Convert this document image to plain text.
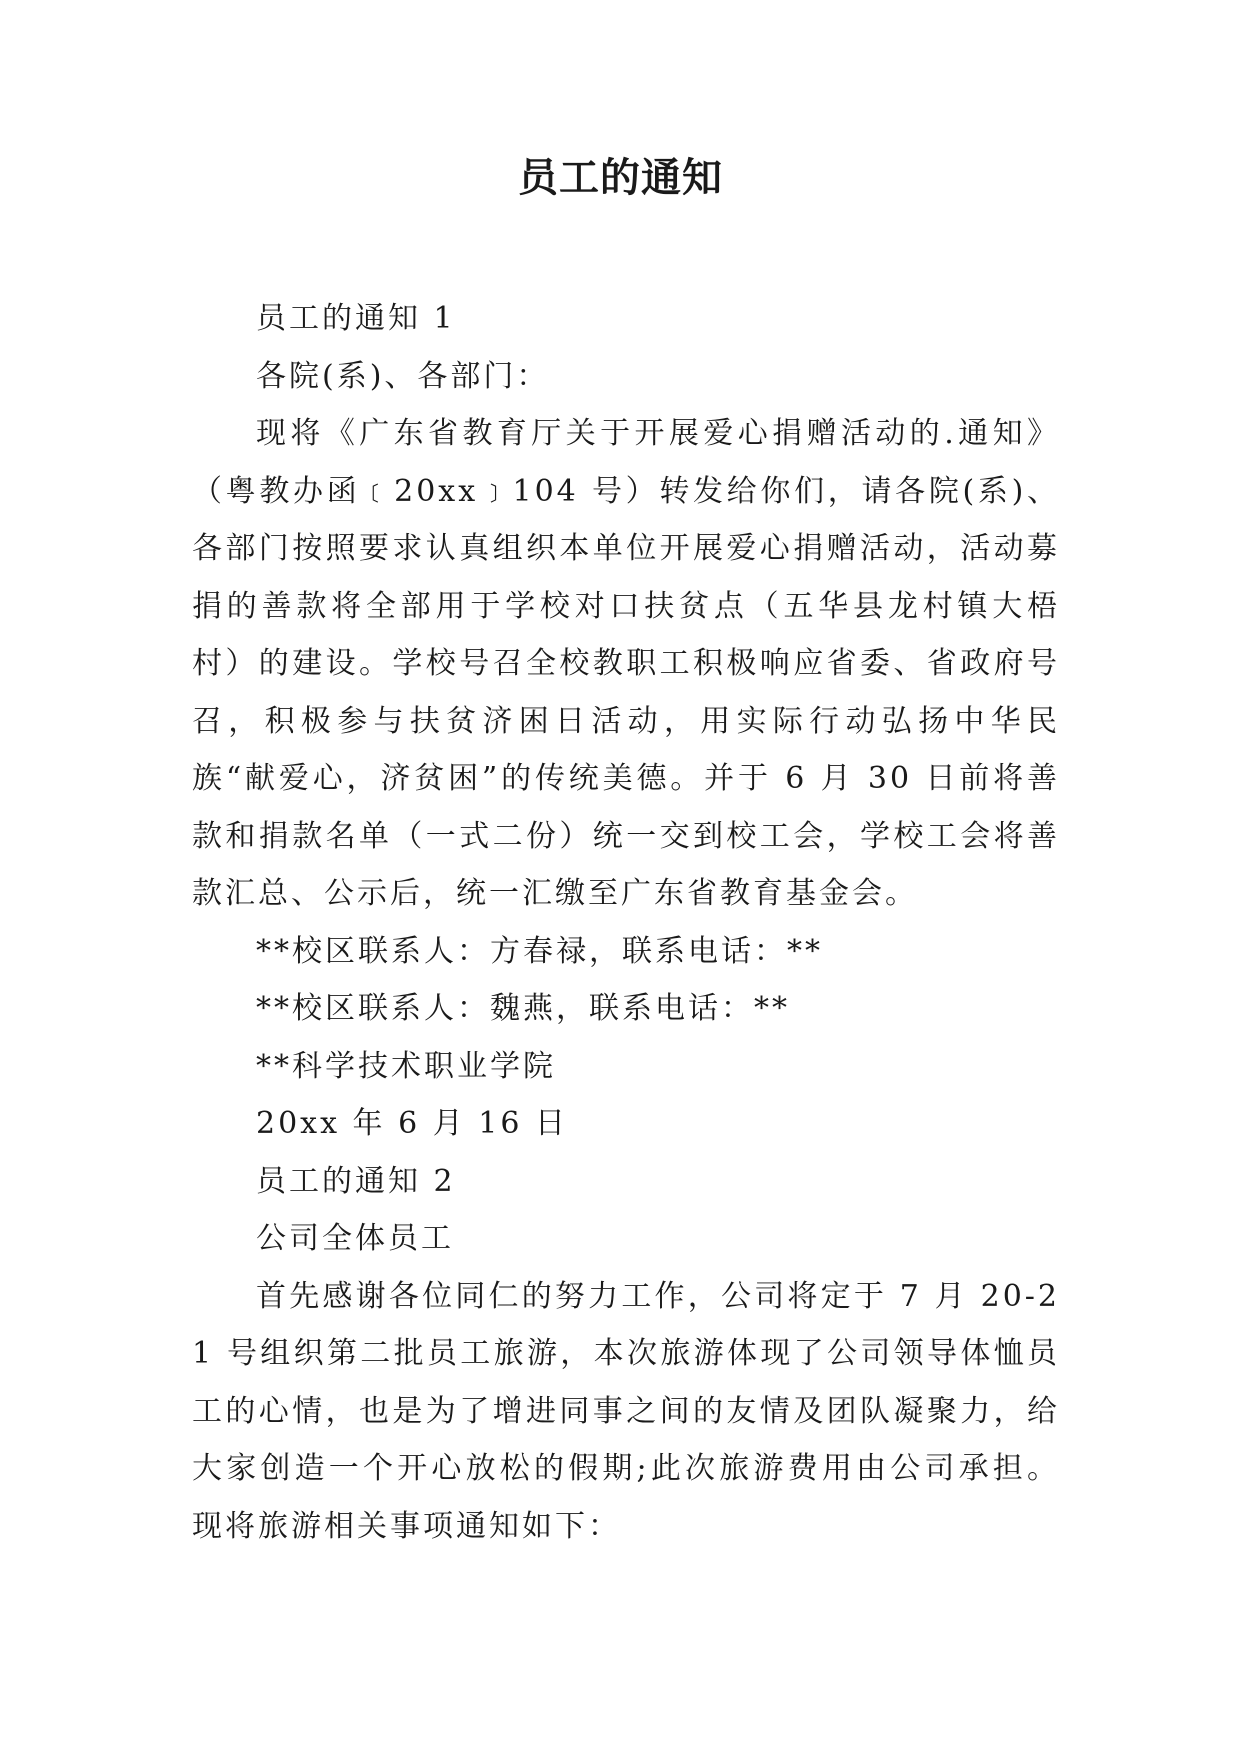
员工的通知

员工的通知 1

各院(系)、各部门：

现将《广东省教育厅关于开展爱心捐赠活动的.通知》（粤教办函﹝20xx﹞104 号）转发给你们，请各院(系)、各部门按照要求认真组织本单位开展爱心捐赠活动，活动募捐的善款将全部用于学校对口扶贫点（五华县龙村镇大梧村）的建设。学校号召全校教职工积极响应省委、省政府号召，积极参与扶贫济困日活动，用实际行动弘扬中华民族“献爱心，济贫困”的传统美德。并于 6 月 30 日前将善款和捐款名单（一式二份）统一交到校工会，学校工会将善款汇总、公示后，统一汇缴至广东省教育基金会。

**校区联系人：方春禄，联系电话：**

**校区联系人：魏燕，联系电话：**

**科学技术职业学院

20xx 年 6 月 16 日

员工的通知 2

公司全体员工

首先感谢各位同仁的努力工作，公司将定于 7 月 20-21 号组织第二批员工旅游，本次旅游体现了公司领导体恤员工的心情，也是为了增进同事之间的友情及团队凝聚力，给大家创造一个开心放松的假期;此次旅游费用由公司承担。现将旅游相关事项通知如下：
